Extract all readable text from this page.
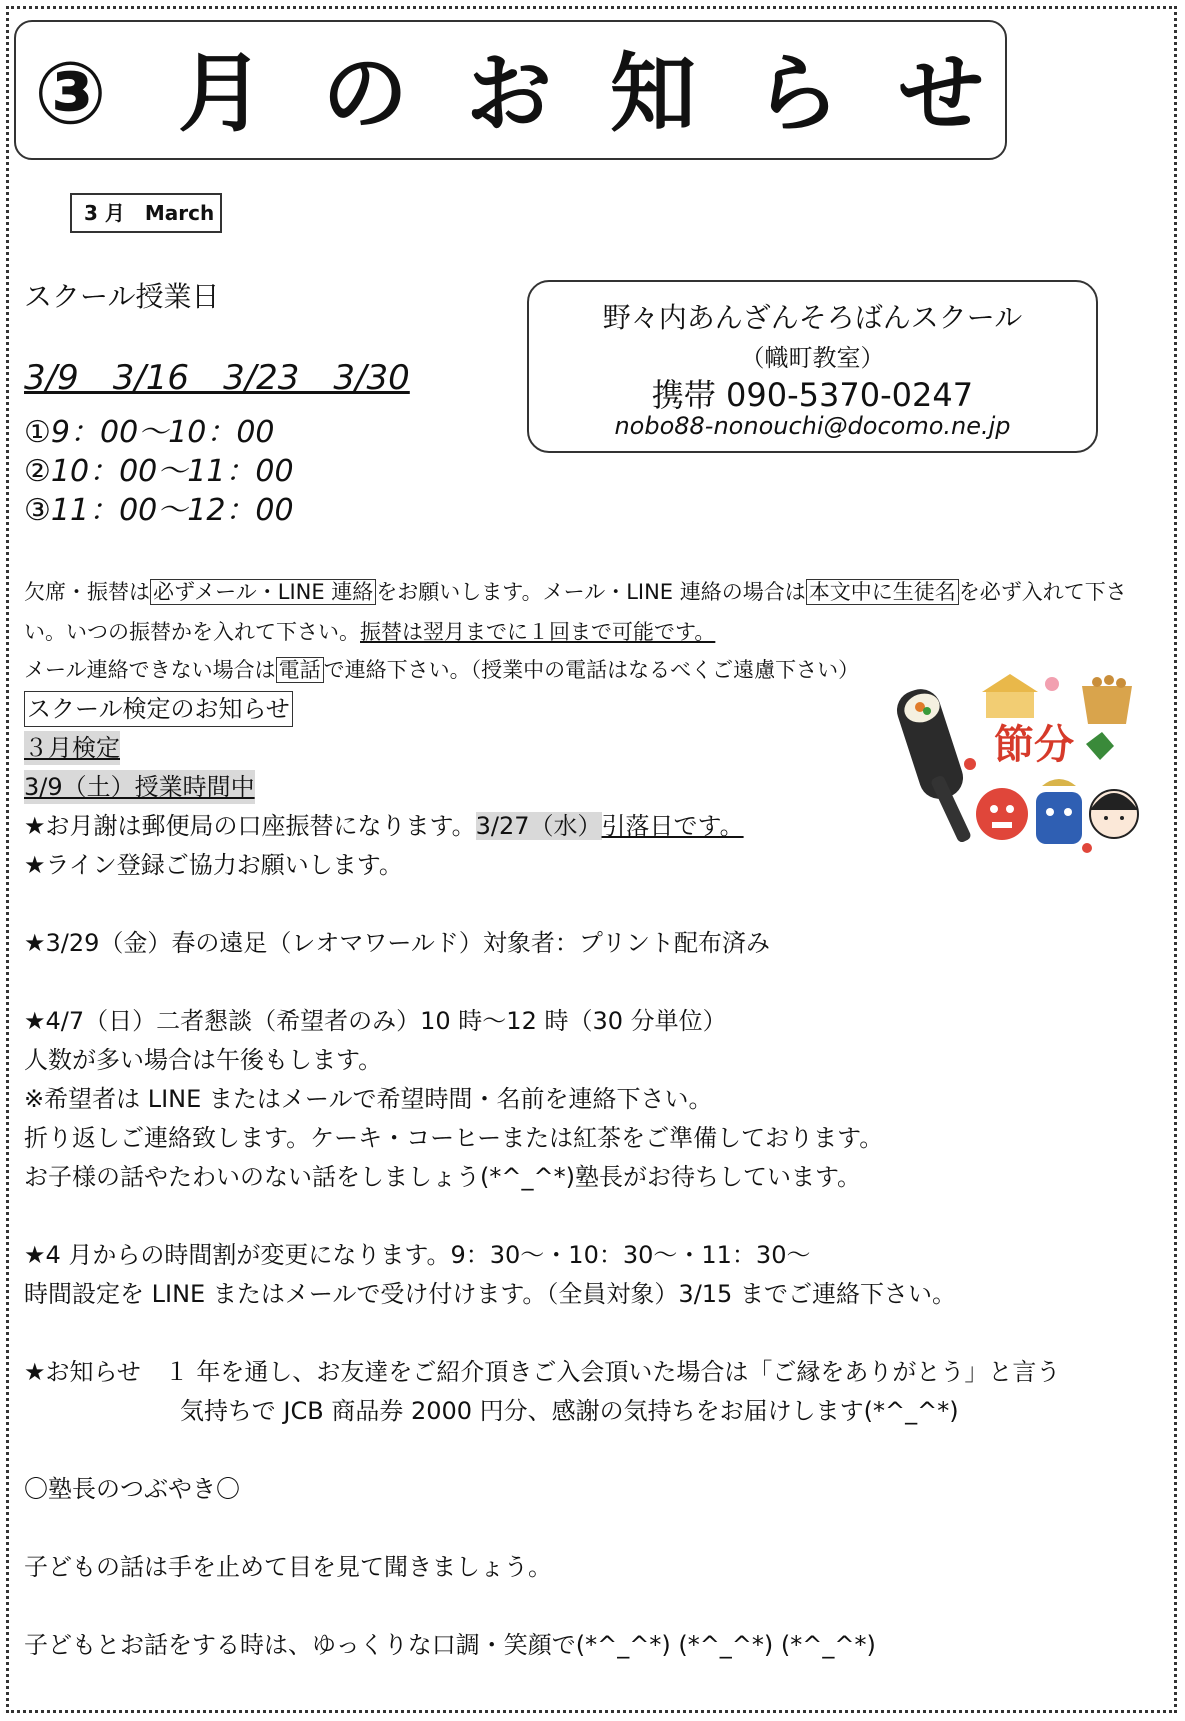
③ 月 の お 知 ら せ
3 月　March
スクール授業日
3/9　3/16　3/23　3/30
①9：00〜10：00
②10：00〜11：00
③11：00〜12：00
野々内あんざんそろばんスクール
（幟町教室）
携帯 090-5370-0247
nobo88-nonouchi@docomo.ne.jp
欠席・振替は 必ずメール・LINE 連絡 をお願いします。メール・LINE 連絡の場合は 本文中に生徒名 を必ず入れて下さ
い。いつの振替かを入れて下さい。振替は翌月までに１回まで可能です。
メール連絡できない場合は 電話 で連絡下さい。（授業中の電話はなるべくご遠慮下さい）
スクール検定のお知らせ
３月検定
3/9（土）授業時間中
★お月謝は郵便局の口座振替になります。3/27（水）引落日です。
★ライン登録ご協力お願いします。
★3/29（金）春の遠足（レオマワールド）対象者：プリント配布済み
★4/7（日）二者懇談（希望者のみ）10 時〜12 時（30 分単位）
人数が多い場合は午後もします。
※希望者は LINE またはメールで希望時間・名前を連絡下さい。
折り返しご連絡致します。ケーキ・コーヒーまたは紅茶をご準備しております。
お子様の話やたわいのない話をしましょう(*^_^*)塾長がお待ちしています。
★4 月からの時間割が変更になります。9：30〜・10：30〜・11：30〜
時間設定を LINE またはメールで受け付けます。（全員対象）3/15 までご連絡下さい。
★お知らせ　１ 年を通し、お友達をご紹介頂きご入会頂いた場合は「ご縁をありがとう」と言う
気持ちで JCB 商品券 2000 円分、感謝の気持ちをお届けします(*^_^*)
〇塾長のつぶやき〇
子どもの話は手を止めて目を見て聞きましょう。
子どもとお話をする時は、ゆっくりな口調・笑顔で(*^_^*) (*^_^*) (*^_^*)
節分
